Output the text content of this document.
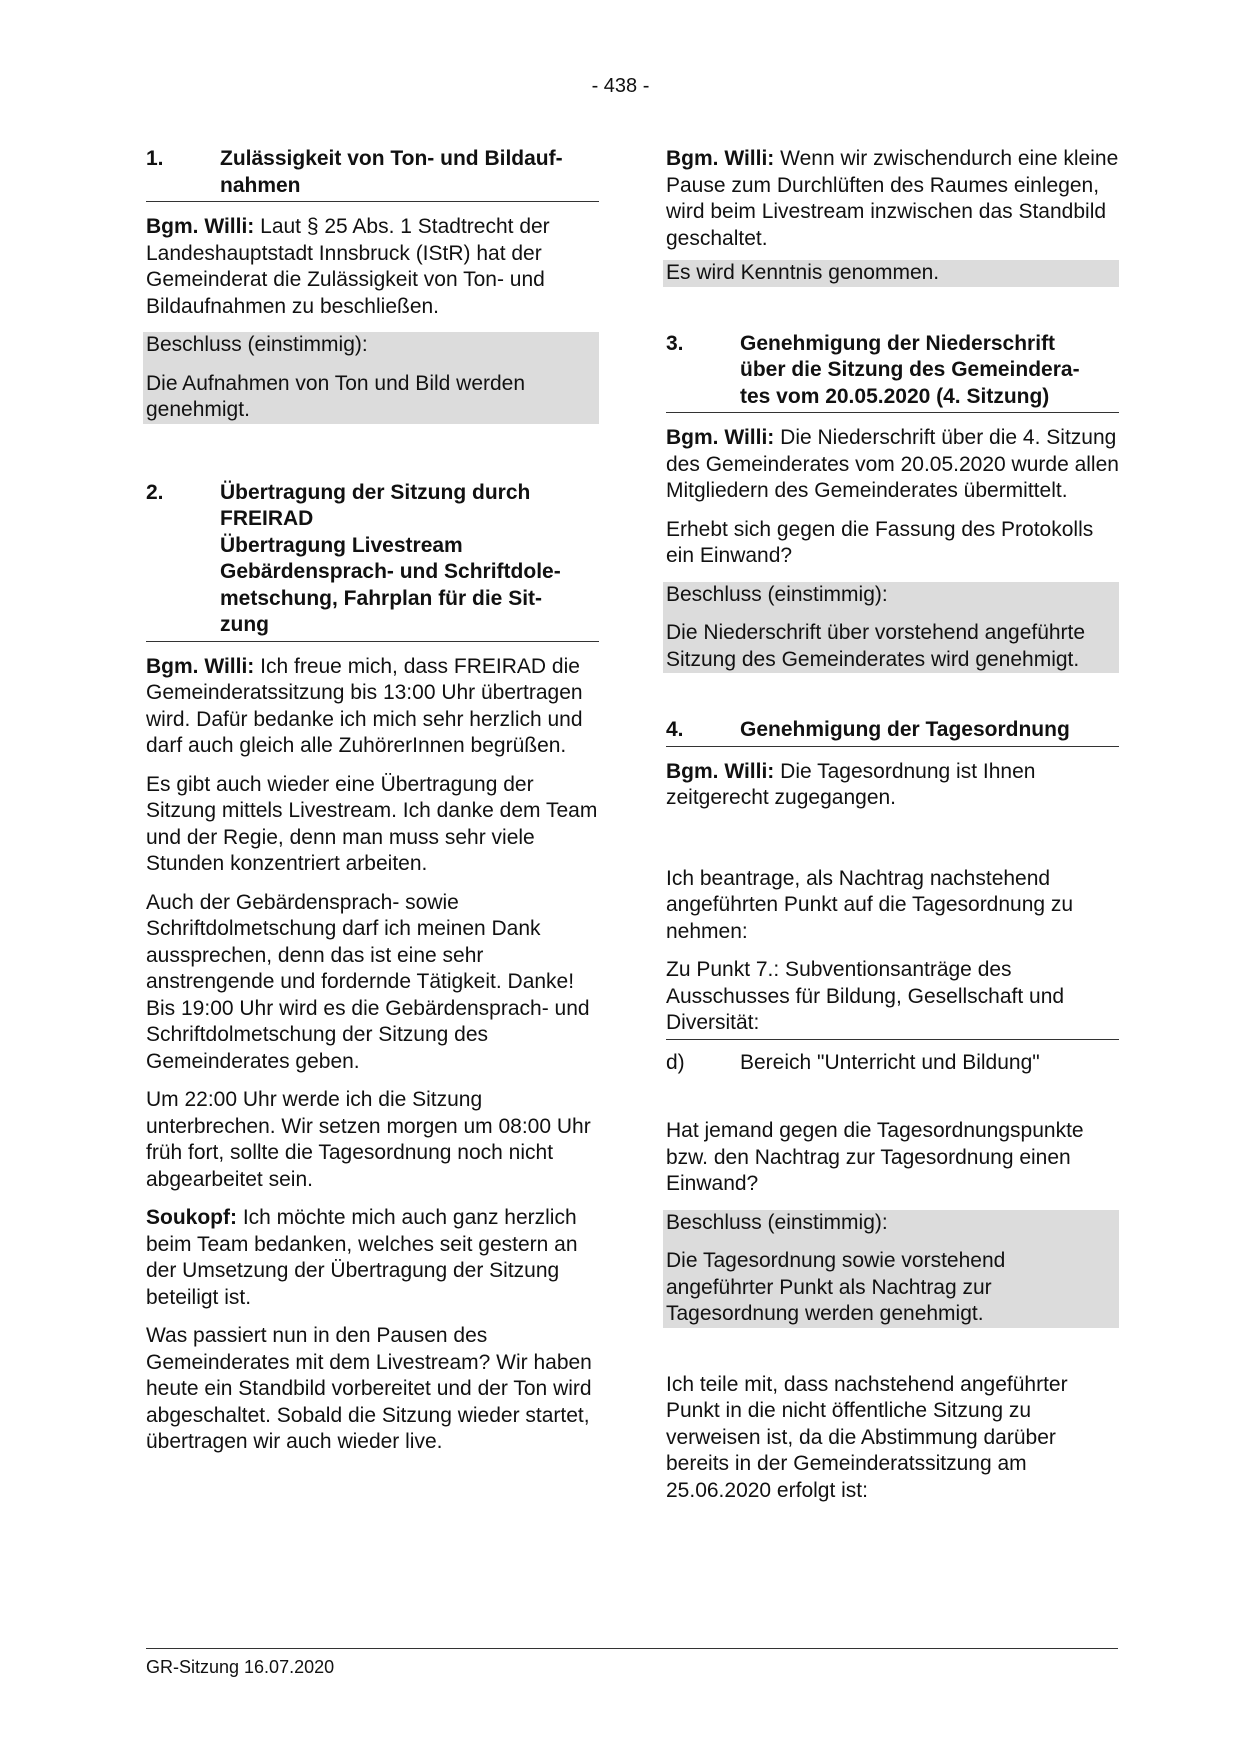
- 438 -
1.	Zulässigkeit von Ton- und Bildauf-
nahmen

Bgm. Willi: Laut § 25 Abs. 1 Stadtrecht der Landeshauptstadt Innsbruck (IStR) hat der Gemeinderat die Zulässigkeit von Ton- und Bildaufnahmen zu beschließen.

Beschluss (einstimmig):
Die Aufnahmen von Ton und Bild werden genehmigt.
2.	Übertragung der Sitzung durch
FREIRAD
Übertragung Livestream
Gebärdensprach- und Schriftdole-
metschung, Fahrplan für die Sit-
zung

Bgm. Willi: Ich freue mich, dass FREIRAD die Gemeinderatssitzung bis 13:00 Uhr übertragen wird. Dafür bedanke ich mich sehr herzlich und darf auch gleich alle ZuhörerInnen begrüßen.

Es gibt auch wieder eine Übertragung der Sitzung mittels Livestream. Ich danke dem Team und der Regie, denn man muss sehr viele Stunden konzentriert arbeiten.

Auch der Gebärdensprach- sowie Schriftdolmetschung darf ich meinen Dank aussprechen, denn das ist eine sehr anstrengende und fordernde Tätigkeit. Danke! Bis 19:00 Uhr wird es die Gebärdensprach- und Schriftdolmetschung der Sitzung des Gemeinderates geben.

Um 22:00 Uhr werde ich die Sitzung unterbrechen. Wir setzen morgen um 08:00 Uhr früh fort, sollte die Tagesordnung noch nicht abgearbeitet sein.

Soukopf: Ich möchte mich auch ganz herzlich beim Team bedanken, welches seit gestern an der Umsetzung der Übertragung der Sitzung beteiligt ist.

Was passiert nun in den Pausen des Gemeinderates mit dem Livestream? Wir haben heute ein Standbild vorbereitet und der Ton wird abgeschaltet. Sobald die Sitzung wieder startet, übertragen wir auch wieder live.

Bgm. Willi: Wenn wir zwischendurch eine kleine Pause zum Durchlüften des Raumes einlegen, wird beim Livestream inzwischen das Standbild geschaltet.

Es wird Kenntnis genommen.
3.	Genehmigung der Niederschrift
über die Sitzung des Gemeindera-
tes vom 20.05.2020 (4. Sitzung)

Bgm. Willi: Die Niederschrift über die 4. Sitzung des Gemeinderates vom 20.05.2020 wurde allen Mitgliedern des Gemeinderates übermittelt.

Erhebt sich gegen die Fassung des Protokolls ein Einwand?

Beschluss (einstimmig):
Die Niederschrift über vorstehend angeführte Sitzung des Gemeinderates wird genehmigt.
4.	Genehmigung der Tagesordnung

Bgm. Willi: Die Tagesordnung ist Ihnen zeitgerecht zugegangen.

Ich beantrage, als Nachtrag nachstehend angeführten Punkt auf die Tagesordnung zu nehmen:

Zu Punkt 7.: Subventionsanträge des Ausschusses für Bildung, Gesellschaft und Diversität:

d)	Bereich "Unterricht und Bildung"

Hat jemand gegen die Tagesordnungspunkte bzw. den Nachtrag zur Tagesordnung einen Einwand?

Beschluss (einstimmig):
Die Tagesordnung sowie vorstehend angeführter Punkt als Nachtrag zur Tagesordnung werden genehmigt.

Ich teile mit, dass nachstehend angeführter Punkt in die nicht öffentliche Sitzung zu verweisen ist, da die Abstimmung darüber bereits in der Gemeinderatssitzung am 25.06.2020 erfolgt ist:

GR-Sitzung 16.07.2020
